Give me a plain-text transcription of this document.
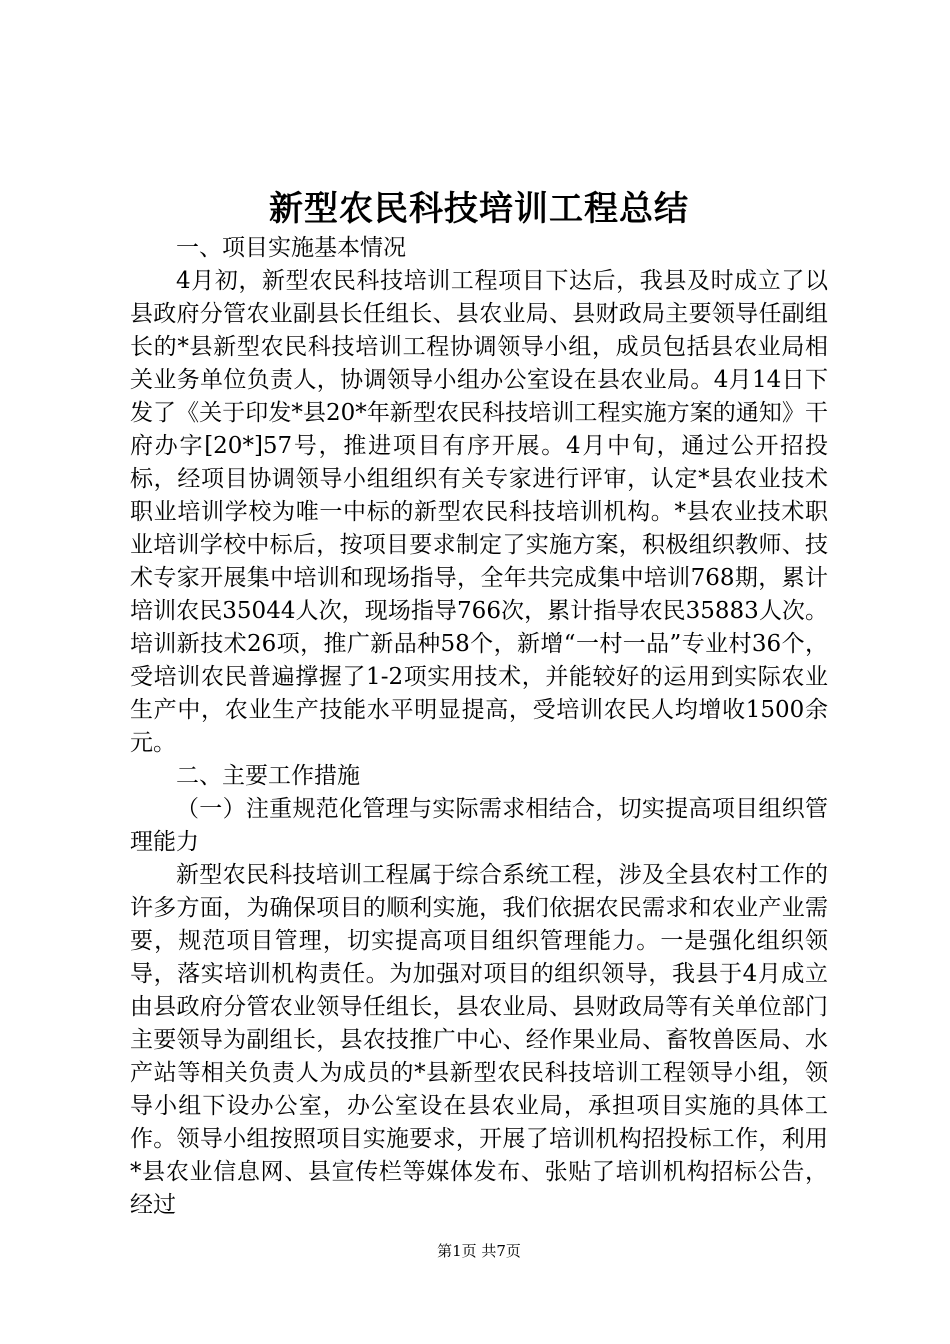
新型农民科技培训工程总结

一、项目实施基本情况

4月初，新型农民科技培训工程项目下达后，我县及时成立了以县政府分管农业副县长任组长、县农业局、县财政局主要领导任副组长的*县新型农民科技培训工程协调领导小组，成员包括县农业局相关业务单位负责人，协调领导小组办公室设在县农业局。4月14日下发了《关于印发*县20*年新型农民科技培训工程实施方案的通知》干府办字[20*]57号，推进项目有序开展。4月中旬，通过公开招投标，经项目协调领导小组组织有关专家进行评审，认定*县农业技术职业培训学校为唯一中标的新型农民科技培训机构。*县农业技术职业培训学校中标后，按项目要求制定了实施方案，积极组织教师、技术专家开展集中培训和现场指导，全年共完成集中培训768期，累计培训农民35044人次，现场指导766次，累计指导农民35883人次。培训新技术26项，推广新品种58个，新增“一村一品”专业村36个，受培训农民普遍撑握了1-2项实用技术，并能较好的运用到实际农业生产中，农业生产技能水平明显提高，受培训农民人均增收1500余元。

二、主要工作措施

（一）注重规范化管理与实际需求相结合，切实提高项目组织管理能力

新型农民科技培训工程属于综合系统工程，涉及全县农村工作的许多方面，为确保项目的顺利实施，我们依据农民需求和农业产业需要，规范项目管理，切实提高项目组织管理能力。一是强化组织领导，落实培训机构责任。为加强对项目的组织领导，我县于4月成立由县政府分管农业领导任组长，县农业局、县财政局等有关单位部门主要领导为副组长，县农技推广中心、经作果业局、畜牧兽医局、水产站等相关负责人为成员的*县新型农民科技培训工程领导小组，领导小组下设办公室，办公室设在县农业局，承担项目实施的具体工作。领导小组按照项目实施要求，开展了培训机构招投标工作，利用*县农业信息网、县宣传栏等媒体发布、张贴了培训机构招标公告，经过

第1页 共7页
